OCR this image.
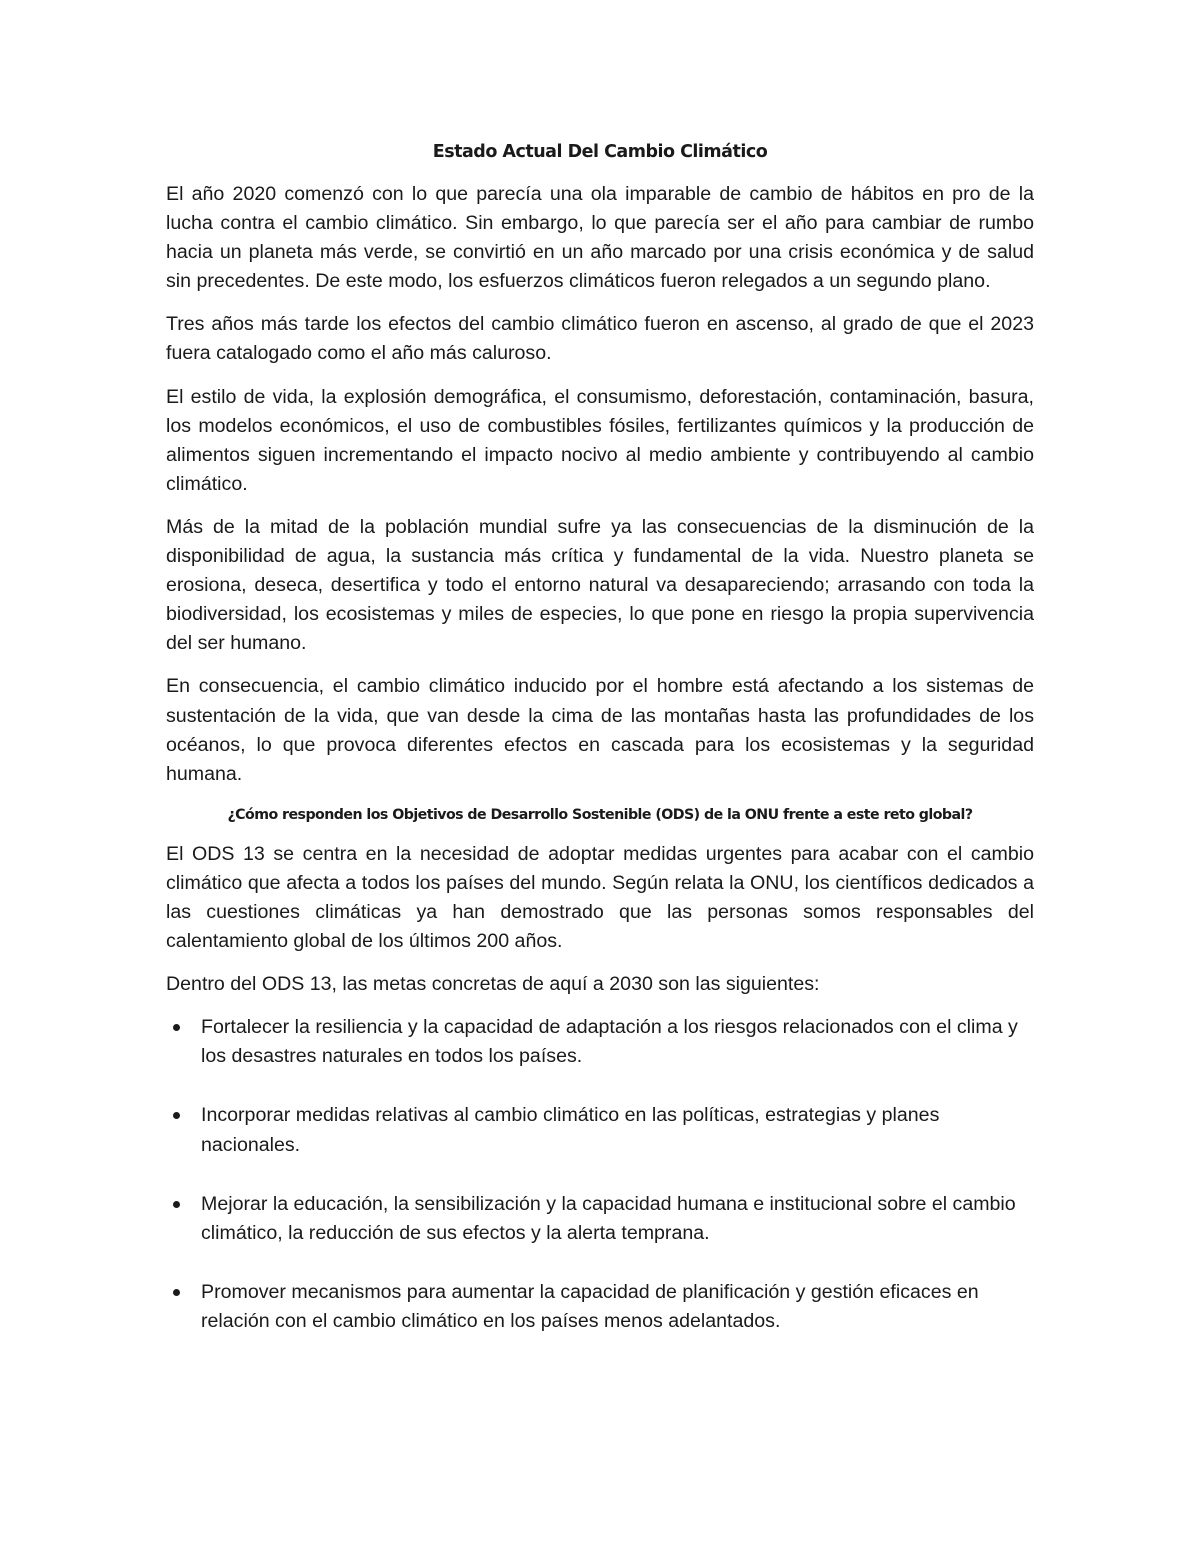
Estado Actual Del Cambio Climático

El año 2020 comenzó con lo que parecía una ola imparable de cambio de hábitos en pro de la lucha contra el cambio climático. Sin embargo, lo que parecía ser el año para cambiar de rumbo hacia un planeta más verde, se convirtió en un año marcado por una crisis económica y de salud sin precedentes. De este modo, los esfuerzos climáticos fueron relegados a un segundo plano.

Tres años más tarde los efectos del cambio climático fueron en ascenso, al grado de que el 2023 fuera catalogado como el año más caluroso.

El estilo de vida, la explosión demográfica, el consumismo, deforestación, contaminación, basura, los modelos económicos, el uso de combustibles fósiles, fertilizantes químicos y la producción de alimentos siguen incrementando el impacto nocivo al medio ambiente y contribuyendo al cambio climático.

Más de la mitad de la población mundial sufre ya las consecuencias de la disminución de la disponibilidad de agua, la sustancia más crítica y fundamental de la vida. Nuestro planeta se erosiona, deseca, desertifica y todo el entorno natural va desapareciendo; arrasando con toda la biodiversidad, los ecosistemas y miles de especies, lo que pone en riesgo la propia supervivencia del ser humano.

En consecuencia, el cambio climático inducido por el hombre está afectando a los sistemas de sustentación de la vida, que van desde la cima de las montañas hasta las profundidades de los océanos, lo que provoca diferentes efectos en cascada para los ecosistemas y la seguridad humana.

¿Cómo responden los Objetivos de Desarrollo Sostenible (ODS) de la ONU frente a este reto global?

El ODS 13 se centra en la necesidad de adoptar medidas urgentes para acabar con el cambio climático que afecta a todos los países del mundo. Según relata la ONU, los científicos dedicados a las cuestiones climáticas ya han demostrado que las personas somos responsables del calentamiento global de los últimos 200 años.

Dentro del ODS 13, las metas concretas de aquí a 2030 son las siguientes:

Fortalecer la resiliencia y la capacidad de adaptación a los riesgos relacionados con el clima y los desastres naturales en todos los países.
Incorporar medidas relativas al cambio climático en las políticas, estrategias y planes nacionales.
Mejorar la educación, la sensibilización y la capacidad humana e institucional sobre el cambio climático, la reducción de sus efectos y la alerta temprana.
Promover mecanismos para aumentar la capacidad de planificación y gestión eficaces en relación con el cambio climático en los países menos adelantados.
